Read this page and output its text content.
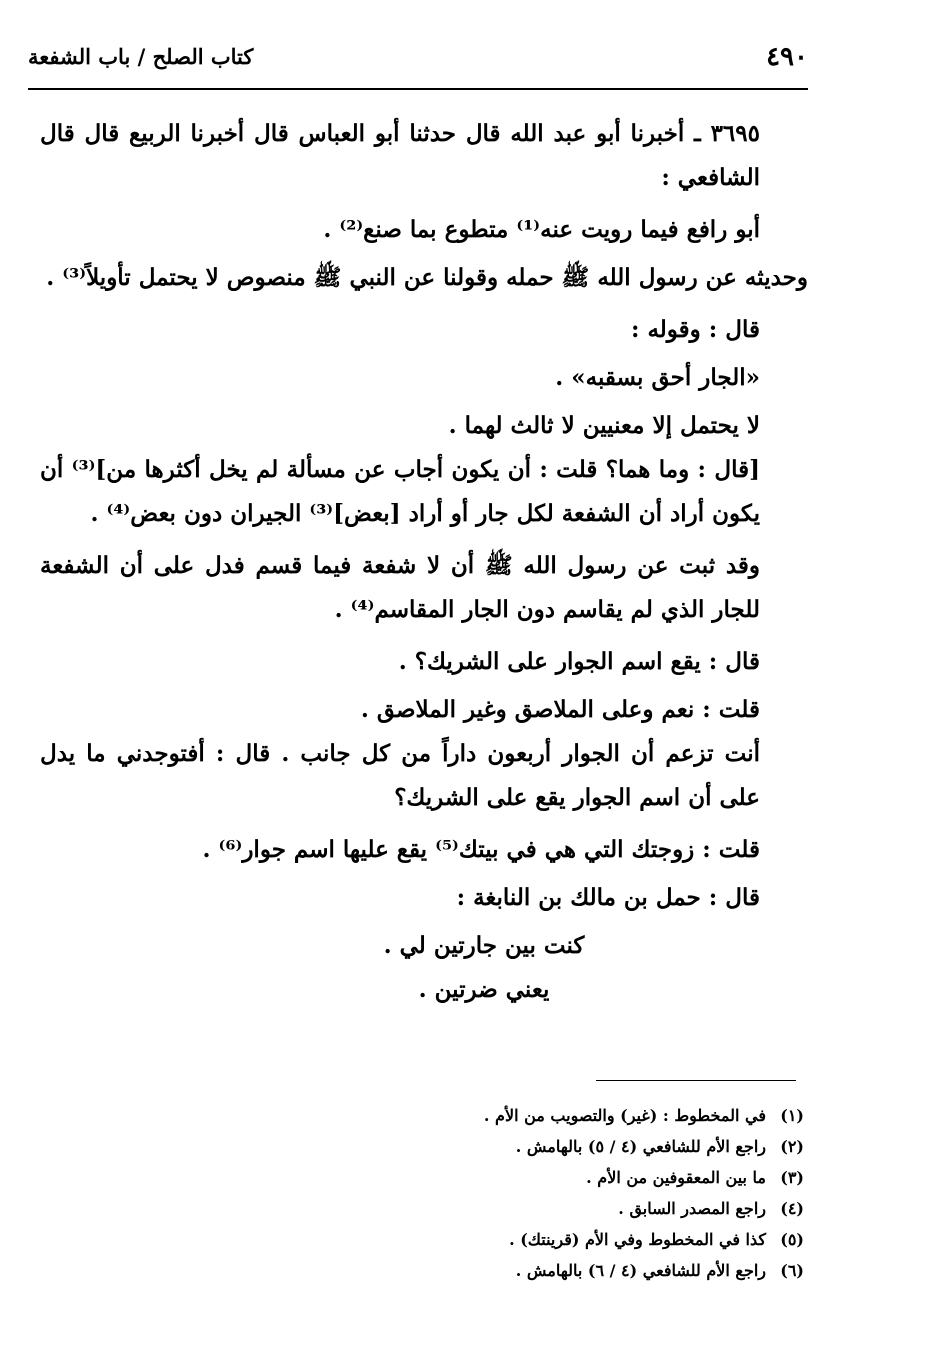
٤٩٠
كتاب الصلح / باب الشفعة

٣٦٩٥ ـ أخبرنا أبو عبد الله قال حدثنا أبو العباس قال أخبرنا الربيع قال قال الشافعي :

أبو رافع فيما رويت عنه⁽¹⁾ متطوع بما صنع⁽²⁾ .

وحديثه عن رسول الله ﷺ حمله وقولنا عن النبي ﷺ منصوص لا يحتمل تأويلاً⁽³⁾ .

قال : وقوله :

«الجار أحق بسقبه» .

لا يحتمل إلا معنيين لا ثالث لهما .

[قال : وما هما؟ قلت : أن يكون أجاب عن مسألة لم يخل أكثرها من]⁽³⁾ أن يكون أراد أن الشفعة لكل جار أو أراد [بعض]⁽³⁾ الجيران دون بعض⁽⁴⁾ .

وقد ثبت عن رسول الله ﷺ أن لا شفعة فيما قسم فدل على أن الشفعة للجار الذي لم يقاسم دون الجار المقاسم⁽⁴⁾ .

قال : يقع اسم الجوار على الشريك؟ .

قلت : نعم وعلى الملاصق وغير الملاصق .

أنت تزعم أن الجوار أربعون داراً من كل جانب . قال : أفتوجدني ما يدل على أن اسم الجوار يقع على الشريك؟

قلت : زوجتك التي هي في بيتك⁽⁵⁾ يقع عليها اسم جوار⁽⁶⁾ .

قال : حمل بن مالك بن النابغة :

كنت بين جارتين لي .

يعني ضرتين .

(١)في المخطوط : (غير) والتصويب من الأم .
(٢)راجع الأم للشافعي (٤ / ٥) بالهامش .
(٣)ما بين المعقوفين من الأم .
(٤)راجع المصدر السابق .
(٥)كذا في المخطوط وفي الأم (قرينتك) .
(٦)راجع الأم للشافعي (٤ / ٦) بالهامش .
